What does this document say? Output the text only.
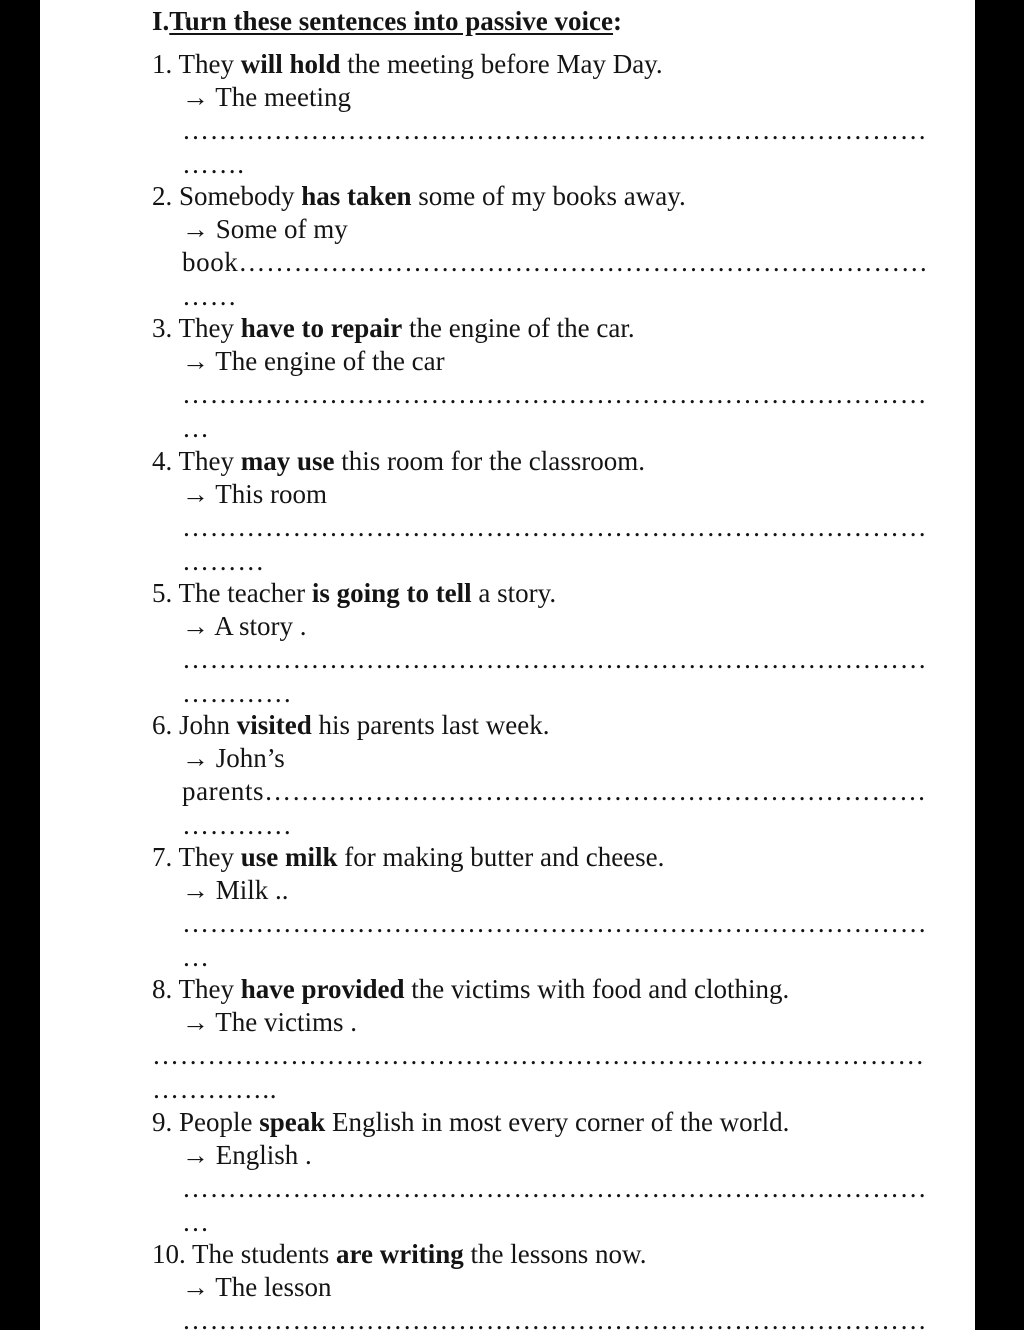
I.Turn these sentences into passive voice:
1. They will hold the meeting before May Day.
→ The meeting
………………………………………………………………………
…….
2. Somebody has taken some of my books away.
→ Some of my
book…………………………………………………………………
……
3. They have to repair the engine of the car.
→ The engine of the car
………………………………………………………………………
…
4. They may use this room for the classroom.
→ This room
………………………………………………………………………
………
5. The teacher is going to tell a story.
→ A story .
………………………………………………………………………
…………
6. John visited his parents last week.
→ John’s
parents………………………………………………………………
…………
7. They use milk for making butter and cheese.
→ Milk ..
………………………………………………………………………
…
8. They have provided the victims with food and clothing.
→ The victims .
…………………………………………………………………………
…………..
9. People speak English in most every corner of the world.
→ English .
………………………………………………………………………
…
10. The students are writing the lessons now.
→ The lesson
………………………………………………………………………
